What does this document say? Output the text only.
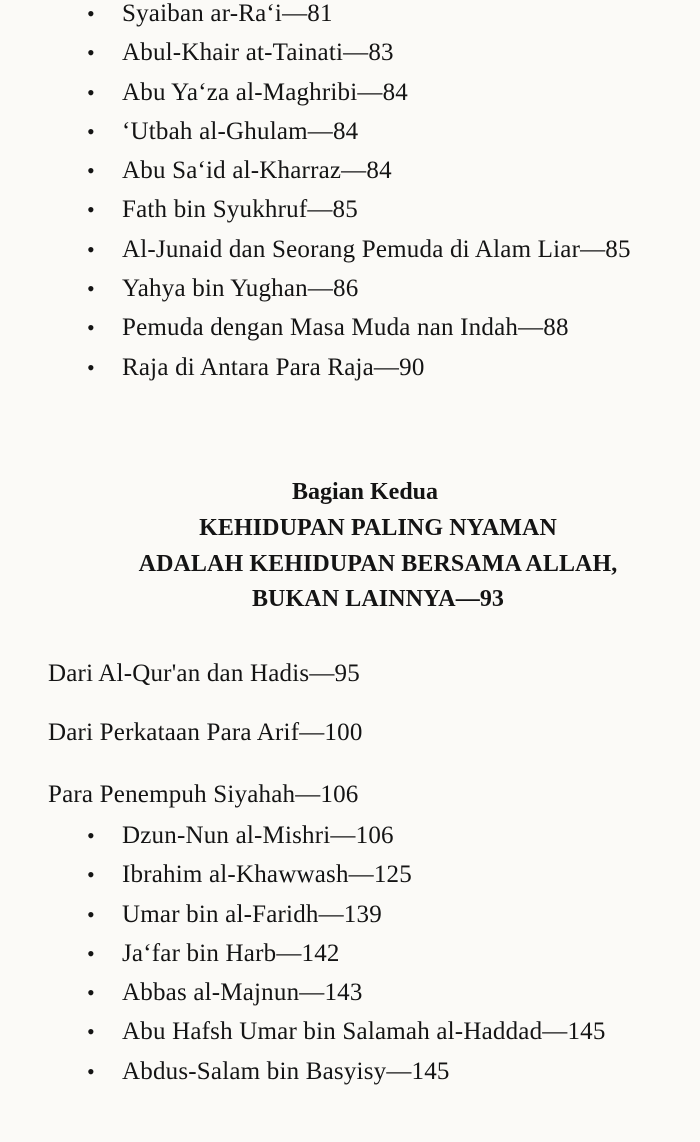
• Syaiban ar-Ra‘i—81
• Abul-Khair at-Tainati—83
• Abu Ya‘za al-Maghribi—84
• ‘Utbah al-Ghulam—84
• Abu Sa‘id al-Kharraz—84
• Fath bin Syukhruf—85
• Al-Junaid dan Seorang Pemuda di Alam Liar—85
• Yahya bin Yughan—86
• Pemuda dengan Masa Muda nan Indah—88
• Raja di Antara Para Raja—90
Bagian Kedua
KEHIDUPAN PALING NYAMAN
ADALAH KEHIDUPAN BERSAMA ALLAH,
BUKAN LAINNYA—93
Dari Al-Qur'an dan Hadis—95
Dari Perkataan Para Arif—100
Para Penempuh Siyahah—106
• Dzun-Nun al-Mishri—106
• Ibrahim al-Khawwash—125
• Umar bin al-Faridh—139
• Ja‘far bin Harb—142
• Abbas al-Majnun—143
• Abu Hafsh Umar bin Salamah al-Haddad—145
• Abdus-Salam bin Basyisy—145
